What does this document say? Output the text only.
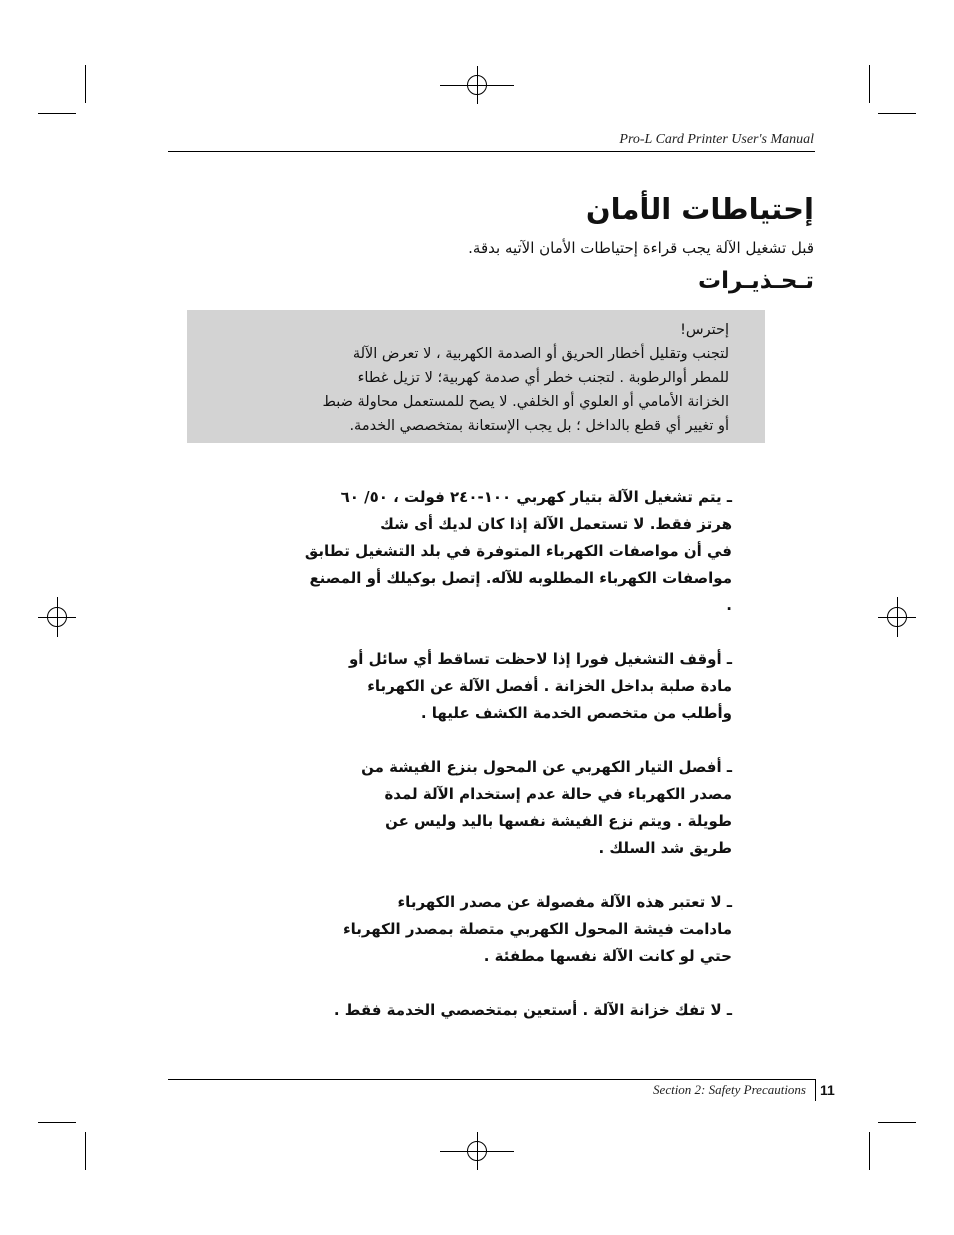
Pro-L Card Printer User's Manual
إحتياطات الأمان
قبل تشغيل الآلة يجب قراءة إحتياطات الأمان الآتيه بدقة.
تـحـذيـرات

إحترس!

لتجنب وتقليل أخطار الحريق أو الصدمة الكهربية ، لا تعرض الآلة

للمطر أوالرطوبة . لتجنب خطر أي صدمة كهربية؛ لا تزيل غطاء

الخزانة الأمامي أو العلوي أو الخلفي. لا يصح للمستعمل محاولة ضبط

أو تغيير أي قطع بالداخل ؛ بل يجب الإستعانة بمتخصصي الخدمة.

ـ يتم تشغيل الآلة بتيار كهربي ١٠٠-٢٤٠ فولت ، ٥٠/ ٦٠

هرتز فقط. لا تستعمل الآلة إذا كان لديك أى شك

في أن مواصفات الكهرباء المتوفرة في بلد التشغيل تطابق

مواصفات الكهرباء المطلوبه للآله. إتصل بوكيلك أو المصنع .

ـ أوقف التشغيل فورا إذا لاحظت تساقط أي سائل أو

مادة صلبة بداخل الخزانة . أفصل الآلة عن الكهرباء

وأطلب من متخصص الخدمة الكشف عليها .

ـ أفصل التيار الكهربي عن المحول بنزع الفيشة من

مصدر الكهرباء في حالة عدم إستخدام الآلة لمدة

طويلة . ويتم نزع الفيشة نفسها باليد وليس عن

طريق شد السلك .

ـ لا تعتبر هذه الآلة مفصولة عن مصدر الكهرباء

مادامت فيشة المحول الكهربي متصلة بمصدر الكهرباء

حتي لو كانت الآلة نفسها مطفئة .

ـ لا تفك خزانة الآلة . أستعين بمتخصصي الخدمة فقط .

Section 2: Safety Precautions 11
